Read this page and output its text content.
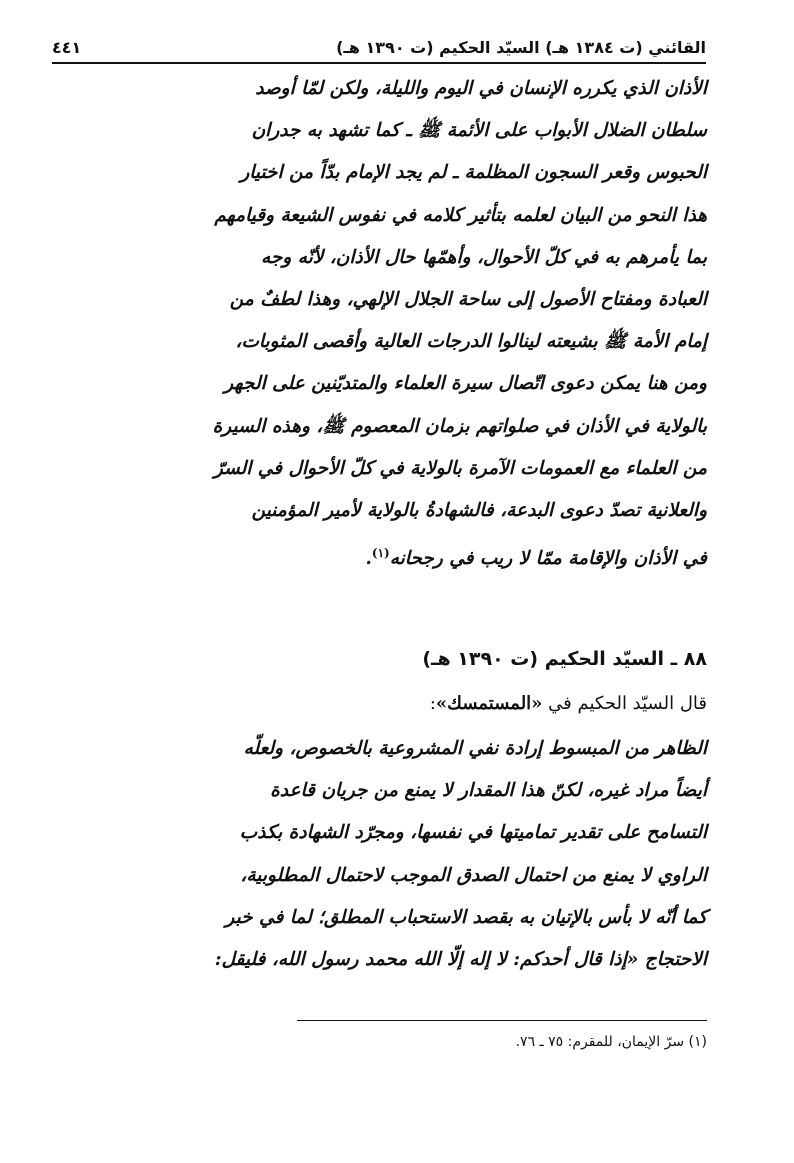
القائني (ت ١٣٨٤ هـ) السيّد الحكيم (ت ١٣٩٠ هـ)
٤٤١
الأذان الذي يكرره الإنسان في اليوم والليلة، ولكن لمّا أوصد
سلطان الضلال الأبواب على الأئمة ﷺ ـ كما تشهد به جدران
الحبوس وقعر السجون المظلمة ـ لم يجد الإمام بدّاً من اختيار
هذا النحو من البيان لعلمه بتأثير كلامه في نفوس الشيعة وقيامهم
بما يأمرهم به في كلّ الأحوال، وأهمّها حال الأذان، لأنّه وجه
العبادة ومفتاح الأصول إلى ساحة الجلال الإلهي، وهذا لطفٌ من
إمام الأمة ﷺ بشيعته لينالوا الدرجات العالية وأقصى المثوبات،
ومن هنا يمكن دعوى اتّصال سيرة العلماء والمتديّنين على الجهر
بالولاية في الأذان في صلواتهم بزمان المعصوم ﷺ، وهذه السيرة
من العلماء مع العمومات الآمرة بالولاية في كلّ الأحوال في السرّ
والعلانية تصدّ دعوى البدعة، فالشهادةُ بالولاية لأمير المؤمنين
في الأذان والإقامة ممّا لا ريب في رجحانه$^{(١)}$.
٨٨ ـ السيّد الحكيم (ت ١٣٩٠ هـ)
قال السيّد الحكيم في «المستمسك»:
الظاهر من المبسوط إرادة نفي المشروعية بالخصوص، ولعلّه
أيضاً مراد غيره، لكنّ هذا المقدار لا يمنع من جريان قاعدة
التسامح على تقدير تماميتها في نفسها، ومجرّد الشهادة بكذب
الراوي لا يمنع من احتمال الصدق الموجب لاحتمال المطلوبية،
كما أنّه لا بأس بالإتيان به بقصد الاستحباب المطلق؛ لما في خبر
الاحتجاج «إذا قال أحدكم: لا إله إلّا الله محمد رسول الله، فليقل:
(١) سرّ الإيمان، للمقرم: ٧٥ ـ ٧٦.
